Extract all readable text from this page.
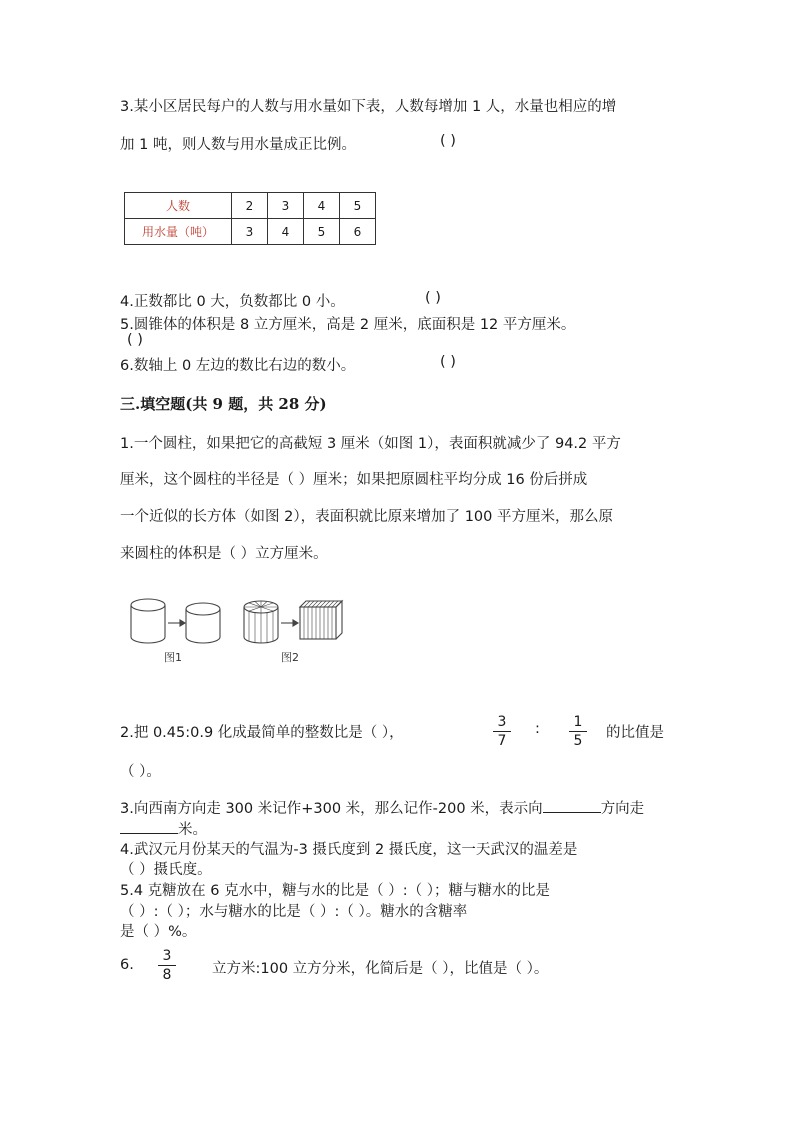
3.某小区居民每户的人数与用水量如下表，人数每增加 1 人，水量也相应的增
加 1 吨，则人数与用水量成正比例。	( )
人数	2	3	4	5
用水量（吨）	3	4	5	6
4.正数都比 0 大，负数都比 0 小。	( )
5.圆锥体的体积是 8 立方厘米，高是 2 厘米，底面积是 12 平方厘米。
( )
6.数轴上 0 左边的数比右边的数小。	( )
三.填空题(共 9 题，共 28 分)
1.一个圆柱，如果把它的高截短 3 厘米（如图 1），表面积就减少了 94.2 平方
厘米，这个圆柱的半径是（ ）厘米；如果把原圆柱平均分成 16 份后拼成
一个近似的长方体（如图 2），表面积就比原来增加了 100 平方厘米，那么原
来圆柱的体积是（ ）立方厘米。
图1	图2
2.把 0.45:0.9 化成最简单的整数比是（ ），
3
7
:	1
5	的比值是
（ ）。
3.向西南方向走 300 米记作+300 米，那么记作-200 米，表示向	方向走
米。
4.武汉元月份某天的气温为-3 摄氏度到 2 摄氏度，这一天武汉的温差是
（ ）摄氏度。
5.4 克糖放在 6 克水中，糖与水的比是（ ）:（ ）；糖与糖水的比是
（ ）:（ ）；水与糖水的比是（ ）:（ ）。糖水的含糖率
是（ ）%。
6.
3
8	立方米:100 立方分米，化简后是（ ），比值是（ ）。
